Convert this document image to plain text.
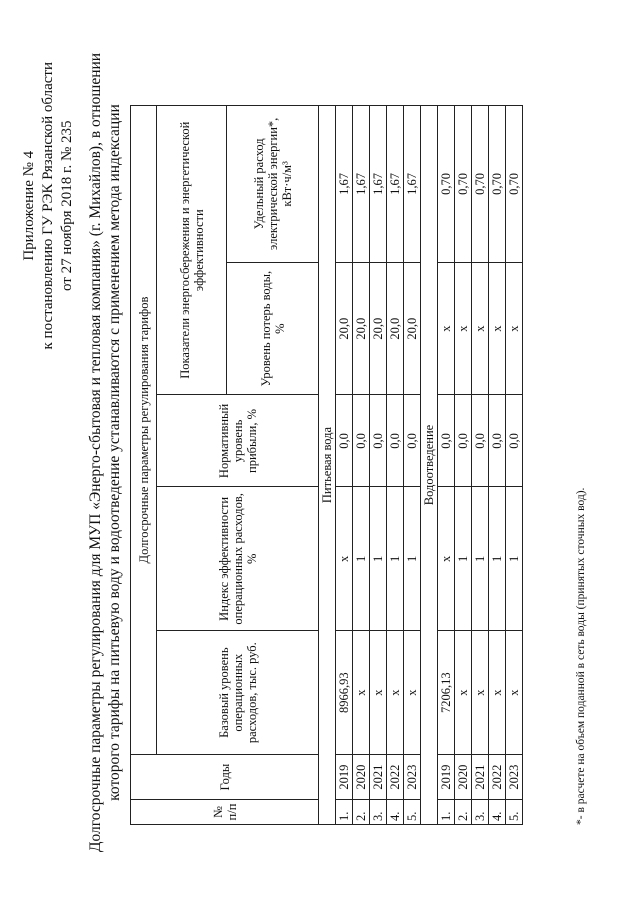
Приложение № 4 к постановлению ГУ РЭК Рязанской области от 27 ноября 2018 г. № 235 Долгосрочные параметры регулирования для МУП «Энерго-сбытовая и тепловая компания» (г. Михайлов), в отношении которого тарифы на питьевую воду и водоотведение устанавливаются с применением метода индексации
№ п/п	Годы	Долгосрочные параметры регулирования тарифов				
		Базовый уровень операционных расходов, тыс. руб.	Индекс эффективности операционных расходов, %	Нормативный уровень прибыли, %	Показатели энергосбережения и энергетической эффективности	
					Уровень потерь воды, %	Удельный расход электрической энергии*, кВт·ч/м³
Питьевая вода						
1.	2019	8966,93	x	0,0	20,0	1,67
2.	2020	x	1	0,0	20,0	1,67
3.	2021	x	1	0,0	20,0	1,67
4.	2022	x	1	0,0	20,0	1,67
5.	2023	x	1	0,0	20,0	1,67
Водоотведение						
1.	2019	7206,13	x	0,0	x	0,70
2.	2020	x	1	0,0	x	0,70
3.	2021	x	1	0,0	x	0,70
4.	2022	x	1	0,0	x	0,70
5.	2023	x	1	0,0	x	0,70
*- в расчете на объем поданной в сеть воды (принятых сточных вод).
